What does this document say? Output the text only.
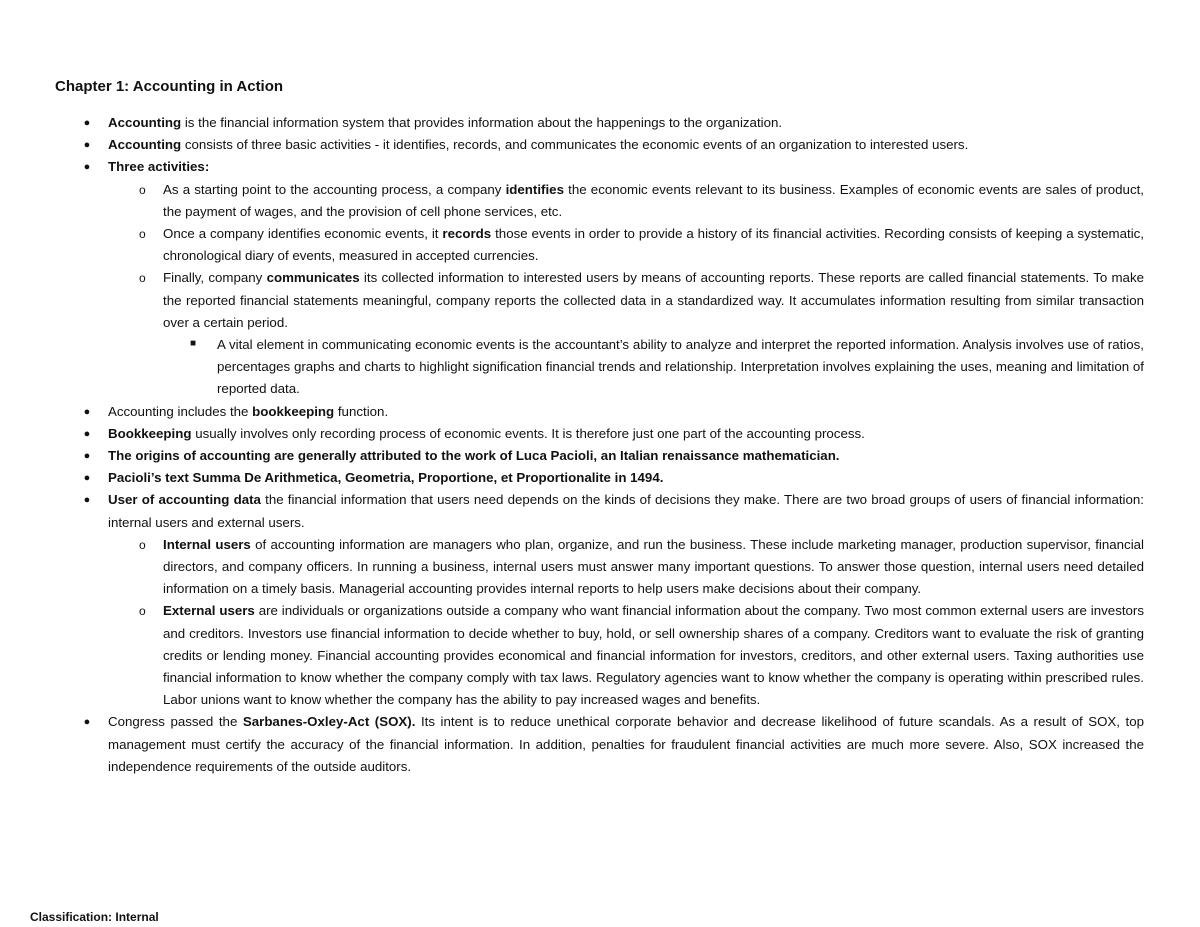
Chapter 1: Accounting in Action
● Accounting is the financial information system that provides information about the happenings to the organization.
● Accounting consists of three basic activities - it identifies, records, and communicates the economic events of an organization to interested users.
● Three activities:
o As a starting point to the accounting process, a company identifies the economic events relevant to its business. Examples of economic events are sales of product, the payment of wages, and the provision of cell phone services, etc.
o Once a company identifies economic events, it records those events in order to provide a history of its financial activities. Recording consists of keeping a systematic, chronological diary of events, measured in accepted currencies.
o Finally, company communicates its collected information to interested users by means of accounting reports. These reports are called financial statements. To make the reported financial statements meaningful, company reports the collected data in a standardized way. It accumulates information resulting from similar transaction over a certain period.
■ A vital element in communicating economic events is the accountant’s ability to analyze and interpret the reported information. Analysis involves use of ratios, percentages graphs and charts to highlight signification financial trends and relationship. Interpretation involves explaining the uses, meaning and limitation of reported data.
● Accounting includes the bookkeeping function.
● Bookkeeping usually involves only recording process of economic events. It is therefore just one part of the accounting process.
● The origins of accounting are generally attributed to the work of Luca Pacioli, an Italian renaissance mathematician.
● Pacioli’s text Summa De Arithmetica, Geometria, Proportione, et Proportionalite in 1494.
● User of accounting data the financial information that users need depends on the kinds of decisions they make. There are two broad groups of users of financial information: internal users and external users.
o Internal users of accounting information are managers who plan, organize, and run the business. These include marketing manager, production supervisor, financial directors, and company officers. In running a business, internal users must answer many important questions. To answer those question, internal users need detailed information on a timely basis. Managerial accounting provides internal reports to help users make decisions about their company.
o External users are individuals or organizations outside a company who want financial information about the company. Two most common external users are investors and creditors. Investors use financial information to decide whether to buy, hold, or sell ownership shares of a company. Creditors want to evaluate the risk of granting credits or lending money. Financial accounting provides economical and financial information for investors, creditors, and other external users. Taxing authorities use financial information to know whether the company comply with tax laws. Regulatory agencies want to know whether the company is operating within prescribed rules. Labor unions want to know whether the company has the ability to pay increased wages and benefits.
● Congress passed the Sarbanes-Oxley-Act (SOX). Its intent is to reduce unethical corporate behavior and decrease likelihood of future scandals. As a result of SOX, top management must certify the accuracy of the financial information. In addition, penalties for fraudulent financial activities are much more severe. Also, SOX increased the independence requirements of the outside auditors.
Classification: Internal
